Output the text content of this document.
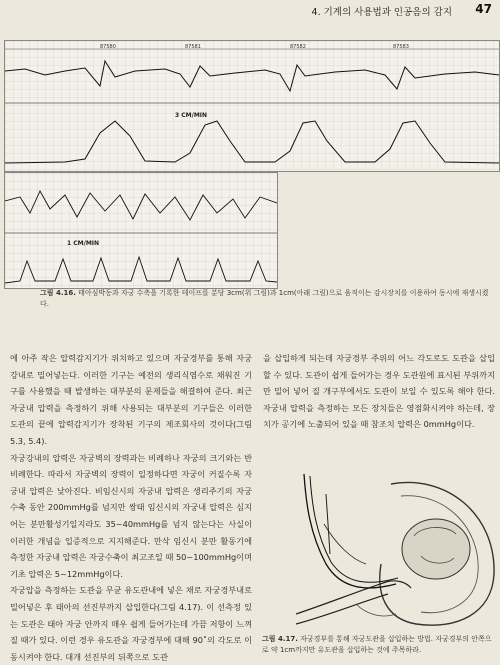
4. 기계의 사용법과 인공음의 감지 47
87580	87581	87582	87583
3 CM/MIN
1 CM/MIN
그림 4.16. 태아심박동과 자궁 수축을 기록한 테이프를 분당 3cm(위 그림)과 1cm(아래 그림)으로 움직이는 감시장치를 이용하여 동시에 재생시켰다.

에 아주 작은 압력감지기가 위치하고 있으며 자궁경부를 통해 자궁강내로 밀어넣는다. 이러한 기구는 예전의 생리식염수로 채워진 기구를 사용했을 때 발생하는 대부분의 문제들을 해결하여 준다. 최근 자궁내 압력을 측정하기 위해 사용되는 대부분의 기구들은 이러한 도관의 끝에 압력감지기가 장착된 기구의 제조회사의 것이다(그림 5.3, 5.4).

자궁강내의 압력은 자궁벽의 장력과는 비례하나 자궁의 크기와는 반비례한다. 따라서 자궁벽의 장력이 일정하다면 자궁이 커질수록 자궁내 압력은 낮아진다. 비임신시의 자궁내 압력은 생리주기의 자궁 수축 동안 200mmHg를 넘지만 쌍태 임신시의 자궁내 압력은 심지어는 분만활성기일지라도 35~40mmHg를 넘지 않는다는 사실이 이러한 개념을 입증적으로 지지해준다. 만삭 임신시 분만 활동기에 측정한 자궁내 압력은 자궁수축이 최고조일 때 50~100mmHg이며 기초 압력은 5~12mmHg이다.

자궁압을 측정하는 도관을 무균 유도관내에 넣은 채로 자궁경부내로 밀어넣은 후 태아의 선진부까지 삽입한다(그림 4.17). 이 선측정 있는 도관은 태아 자궁 안까지 매우 쉽게 들어가는데 가끔 저항이 느껴질 때가 있다. 이런 경우 유도관을 자궁경부에 대해 90˚의 각도로 이동시켜야 한다. 대개 선진부의 뒤쪽으로 도관

을 삽입하게 되는데 자궁경부 주위의 어느 각도로도 도관을 삽입할 수 있다. 도관이 쉽게 들어가는 경우 도관원에 표시된 부위까지만 밀어 넣어 질 개구부에서도 도관이 보일 수 있도록 해야 한다. 자궁내 압력을 측정하는 모든 장치들은 영점화시켜야 하는데, 장치가 공기에 노출되어 있을 때 참조치 압력은 0mmHg이다.

그림 4.17. 자궁경부를 통해 자궁도관을 삽입하는 방법. 자궁경부의 안쪽으로 약 1cm까지만 유도관을 삽입하는 것에 주목하라.
